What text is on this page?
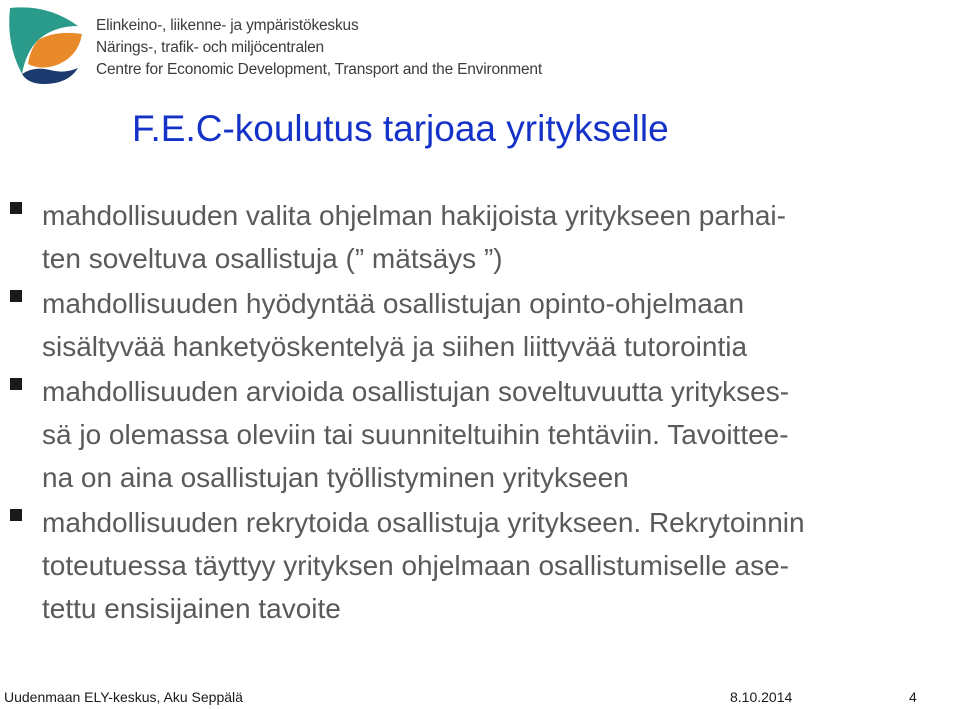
Elinkeino-, liikenne- ja ympäristökeskus
Närings-, trafik- och miljöcentralen
Centre for Economic Development, Transport and the Environment
F.E.C-koulutus tarjoaa yritykselle
mahdollisuuden valita ohjelman hakijoista yritykseen parhai-
ten soveltuva osallistuja (” mätsäys ”)
mahdollisuuden hyödyntää osallistujan opinto-ohjelmaan
sisältyvää hanketyöskentelyä ja siihen liittyvää tutorointia
mahdollisuuden arvioida osallistujan soveltuvuutta yritykses-
sä jo olemassa oleviin tai suunniteltuihin tehtäviin. Tavoittee-
na on aina osallistujan työllistyminen yritykseen
mahdollisuuden rekrytoida osallistuja yritykseen. Rekrytoinnin
toteutuessa täyttyy yrityksen ohjelmaan osallistumiselle ase-
tettu ensisijainen tavoite
Uudenmaan ELY-keskus, Aku Seppälä	8.10.2014	4
